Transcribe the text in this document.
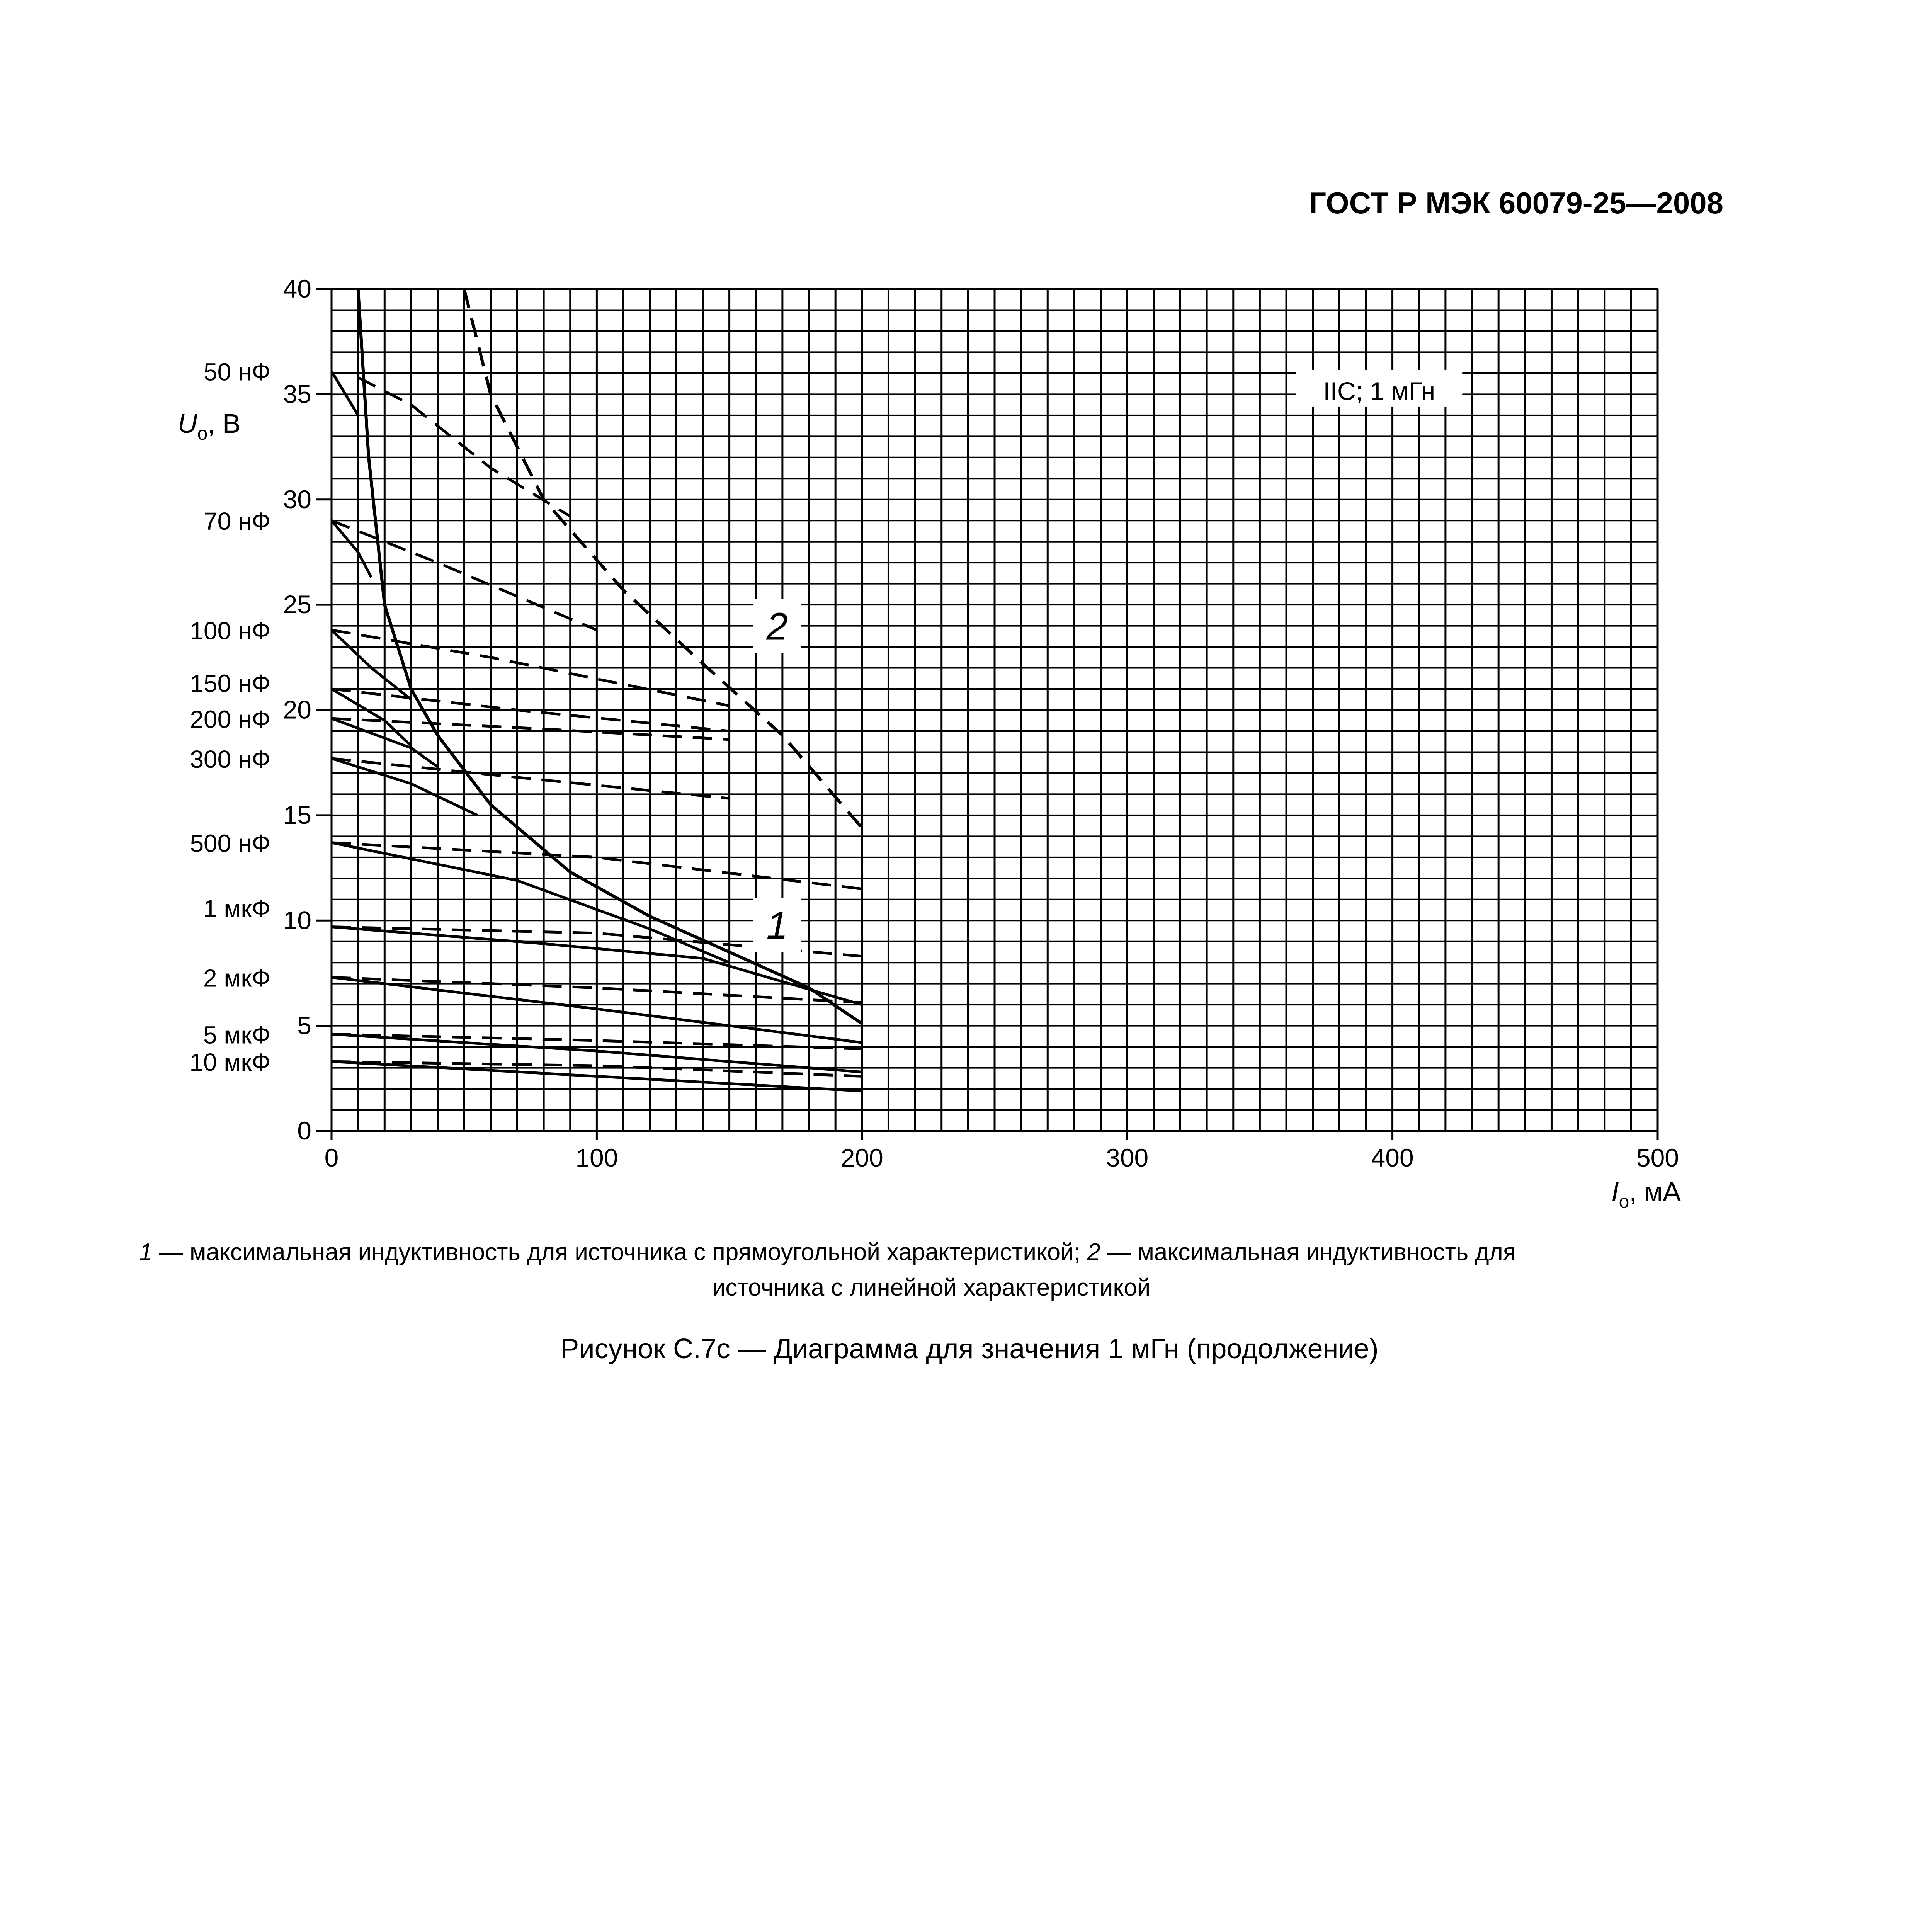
ГОСТ Р МЭК 60079-25—2008
0
5
10
15
20
25
30
35
40
0	100	200	300	400	500
$U_o$, В
$I_o$, мА
50 нФ
70 нФ
100 нФ
150 нФ
200 нФ
300 нФ
500 нФ
1 мкФ
2 мкФ
5 мкФ
10 мкФ
IIC; 1 мГн
1
2
1 — максимальная индуктивность для источника с прямоугольной характеристикой; 2 — максимальная индуктивность для
источника с линейной характеристикой
Рисунок С.7с — Диаграмма для значения 1 мГн (продолжение)
